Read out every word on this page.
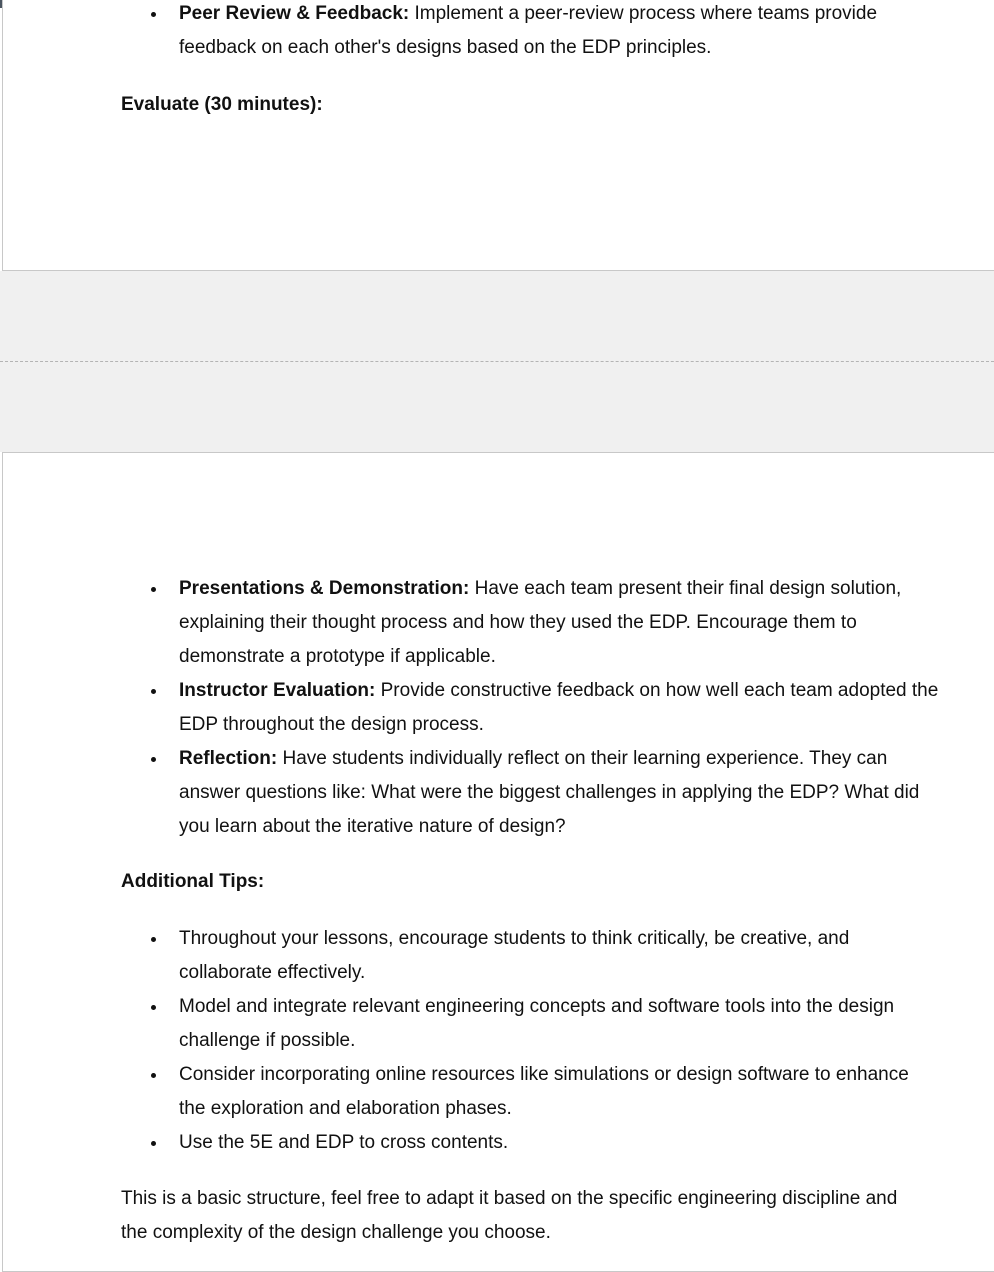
Peer Review & Feedback: Implement a peer-review process where teams provide feedback on each other's designs based on the EDP principles.
Evaluate (30 minutes):
Presentations & Demonstration: Have each team present their final design solution, explaining their thought process and how they used the EDP. Encourage them to demonstrate a prototype if applicable.
Instructor Evaluation: Provide constructive feedback on how well each team adopted the EDP throughout the design process.
Reflection: Have students individually reflect on their learning experience. They can answer questions like: What were the biggest challenges in applying the EDP? What did you learn about the iterative nature of design?
Additional Tips:
Throughout your lessons, encourage students to think critically, be creative, and collaborate effectively.
Model and integrate relevant engineering concepts and software tools into the design challenge if possible.
Consider incorporating online resources like simulations or design software to enhance the exploration and elaboration phases.
Use the 5E and EDP to cross contents.
This is a basic structure, feel free to adapt it based on the specific engineering discipline and the complexity of the design challenge you choose.
